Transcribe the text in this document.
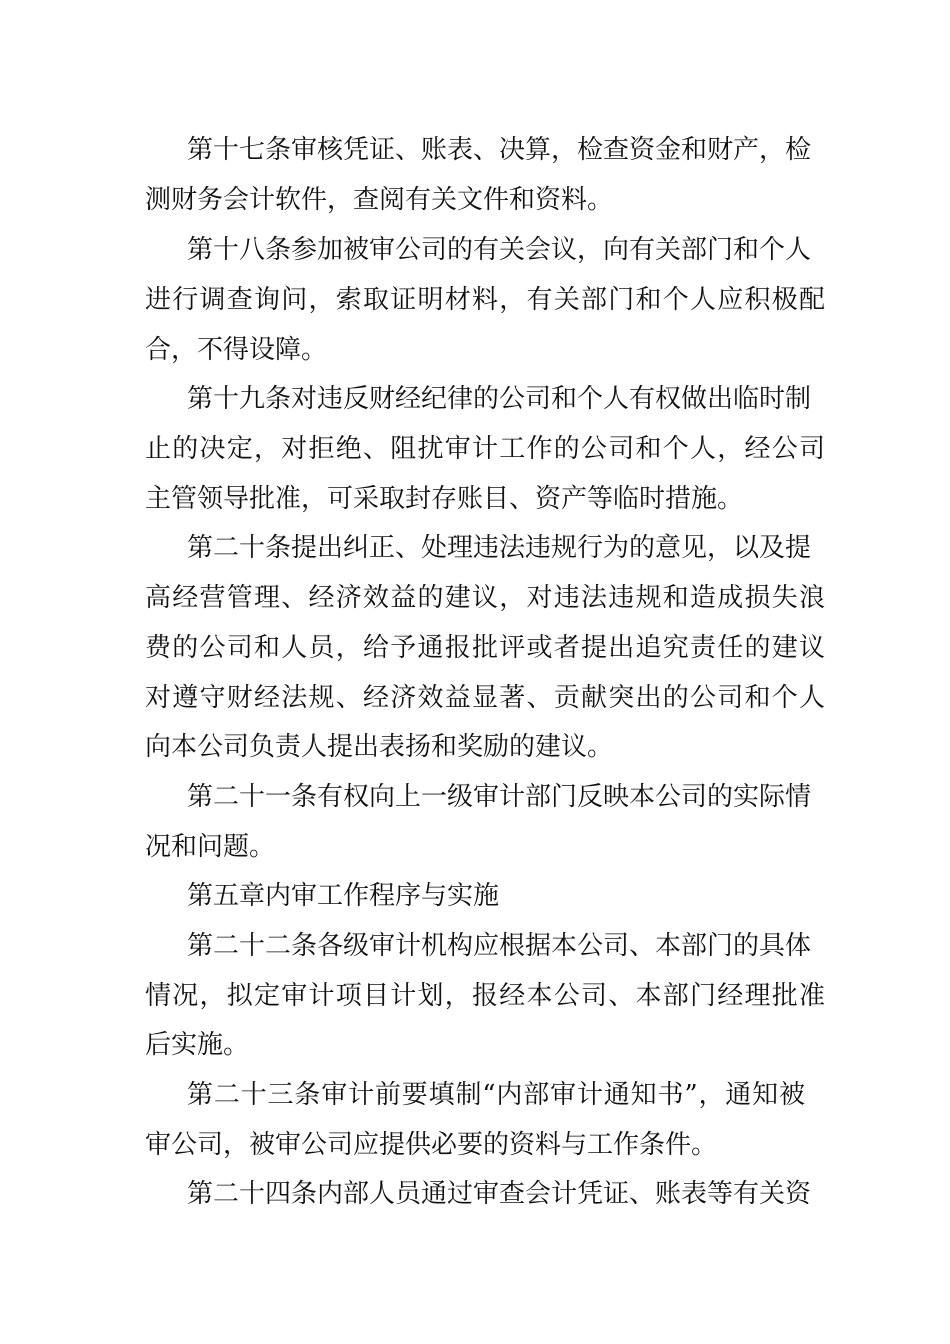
第十七条审核凭证、账表、决算，检查资金和财产，检
测财务会计软件，查阅有关文件和资料。
第十八条参加被审公司的有关会议，向有关部门和个人
进行调查询问，索取证明材料，有关部门和个人应积极配
合，不得设障。
第十九条对违反财经纪律的公司和个人有权做出临时制
止的决定，对拒绝、阻扰审计工作的公司和个人，经公司
主管领导批准，可采取封存账目、资产等临时措施。
第二十条提出纠正、处理违法违规行为的意见，以及提
高经营管理、经济效益的建议，对违法违规和造成损失浪
费的公司和人员，给予通报批评或者提出追究责任的建议
对遵守财经法规、经济效益显著、贡献突出的公司和个人
向本公司负责人提出表扬和奖励的建议。
第二十一条有权向上一级审计部门反映本公司的实际情
况和问题。
第五章内审工作程序与实施
第二十二条各级审计机构应根据本公司、本部门的具体
情况，拟定审计项目计划，报经本公司、本部门经理批准
后实施。
第二十三条审计前要填制“内部审计通知书”，通知被
审公司，被审公司应提供必要的资料与工作条件。
第二十四条内部人员通过审查会计凭证、账表等有关资
